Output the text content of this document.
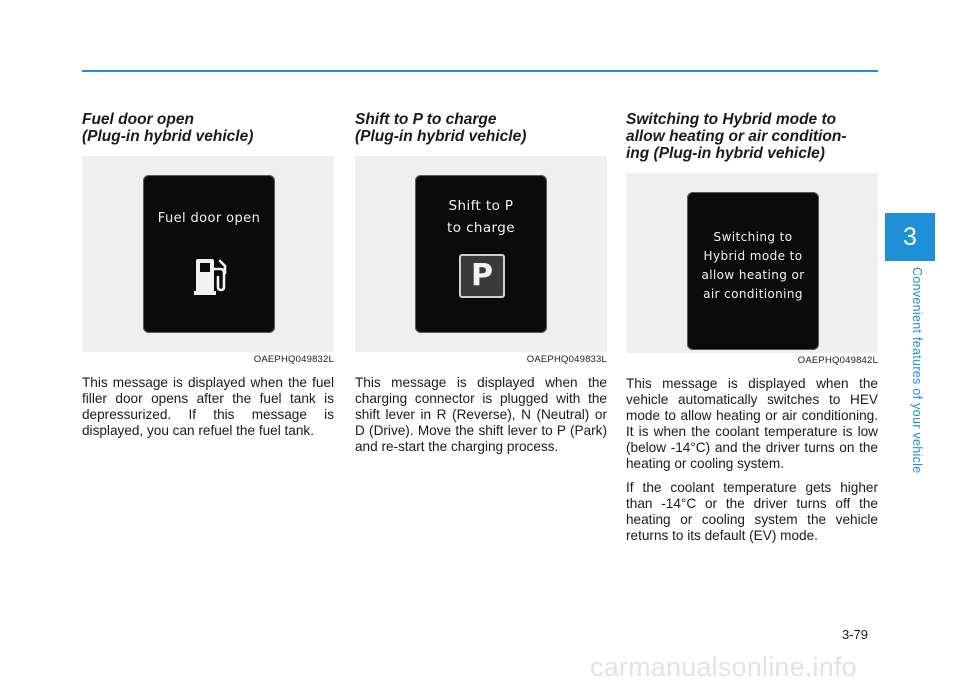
Fuel door open
(Plug-in hybrid vehicle)
Fuel door open
OAEPHQ049832L

This message is displayed when the fuel filler door opens after the fuel tank is depressurized. If this message is displayed, you can refuel the fuel tank.

Shift to P to charge
(Plug-in hybrid vehicle)
Shift to P
to charge
P
OAEPHQ049833L

This message is displayed when the charging connector is plugged with the shift lever in R (Reverse), N (Neutral) or D (Drive). Move the shift lever to P (Park) and re-start the charging process.

Switching to Hybrid mode to
allow heating or air condition-
ing (Plug-in hybrid vehicle)
Switching to
Hybrid mode to
allow heating or
air conditioning
OAEPHQ049842L

This message is displayed when the vehicle automatically switches to HEV mode to allow heating or air conditioning. It is when the coolant temperature is low (below -14°C) and the driver turns on the heating or cooling system.

If the coolant temperature gets higher than -14°C or the driver turns off the heating or cooling system the vehicle returns to its default (EV) mode.

3
Convenient features of your vehicle
3-79
carmanualsonline.info
